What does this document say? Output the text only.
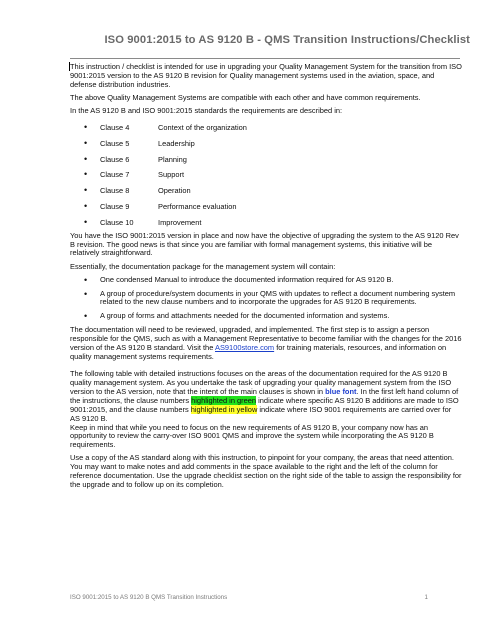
ISO 9001:2015 to AS 9120 B - QMS Transition Instructions/Checklist

This instruction / checklist is intended for use in upgrading your Quality Management System for the transition from ISO 9001:2015 version to the AS 9120 B revision for Quality management systems used in the aviation, space, and defense distribution industries.

The above Quality Management Systems are compatible with each other and have common requirements.

In the AS 9120 B and ISO 9001:2015 standards the requirements are described in:

• Clause 4	Context of the organization
• Clause 5	Leadership
• Clause 6	Planning
• Clause 7	Support
• Clause 8	Operation
• Clause 9	Performance evaluation
• Clause 10	Improvement

You have the ISO 9001:2015 version in place and now have the objective of upgrading the system to the AS 9120 Rev B revision. The good news is that since you are familiar with formal management systems, this initiative will be relatively straightforward.

Essentially, the documentation package for the management system will contain:

• One condensed Manual to introduce the documented information required for AS 9120 B.
• A group of procedure/system documents in your QMS with updates to reflect a document numbering system related to the new clause numbers and to incorporate the upgrades for AS 9120 B requirements.
• A group of forms and attachments needed for the documented information and systems.

The documentation will need to be reviewed, upgraded, and implemented. The first step is to assign a person responsible for the QMS, such as with a Management Representative to become familiar with the changes for the 2016 version of the AS 9120 B standard. Visit the AS9100store.com for training materials, resources, and information on quality management systems requirements.

The following table with detailed instructions focuses on the areas of the documentation required for the AS 9120 B quality management system. As you undertake the task of upgrading your quality management system from the ISO version to the AS version, note that the intent of the main clauses is shown in blue font. In the first left hand column of the instructions, the clause numbers highlighted in green indicate where specific AS 9120 B additions are made to ISO 9001:2015, and the clause numbers highlighted in yellow indicate where ISO 9001 requirements are carried over for AS 9120 B.

Keep in mind that while you need to focus on the new requirements of AS 9120 B, your company now has an opportunity to review the carry-over ISO 9001 QMS and improve the system while incorporating the AS 9120 B requirements.

Use a copy of the AS standard along with this instruction, to pinpoint for your company, the areas that need attention. You may want to make notes and add comments in the space available to the right and the left of the column for reference documentation. Use the upgrade checklist section on the right side of the table to assign the responsibility for the upgrade and to follow up on its completion.

ISO 9001:2015 to AS 9120 B QMS Transition Instructions	1
